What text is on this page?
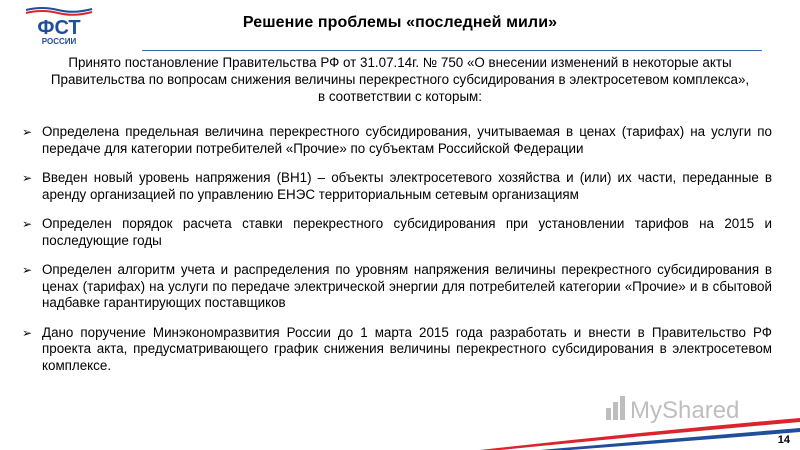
ФСТ
РОССИИ
Решение проблемы «последней мили»
Принято постановление Правительства РФ от 31.07.14г. № 750 «О внесении изменений в некоторые акты Правительства по вопросам снижения величины перекрестного субсидирования в электросетевом комплекса», в соответствии с которым:
➢ Определена предельная величина перекрестного субсидирования, учитываемая в ценах (тарифах) на услуги по передаче для категории потребителей «Прочие» по субъектам Российской Федерации
➢ Введен новый уровень напряжения (ВН1) – объекты электросетевого хозяйства и (или) их части, переданные в аренду организацией по управлению ЕНЭС территориальным сетевым организациям
➢ Определен порядок расчета ставки перекрестного субсидирования при установлении тарифов на 2015 и последующие годы
➢ Определен алгоритм учета и распределения по уровням напряжения величины перекрестного субсидирования в ценах (тарифах) на услуги по передаче электрической энергии для потребителей категории «Прочие» и в сбытовой надбавке гарантирующих поставщиков
➢ Дано поручение Минэкономразвития России до 1 марта 2015 года разработать и внести в Правительство РФ проекта акта, предусматривающего график снижения величины перекрестного субсидирования в электросетевом комплексе.
MyShared
14
